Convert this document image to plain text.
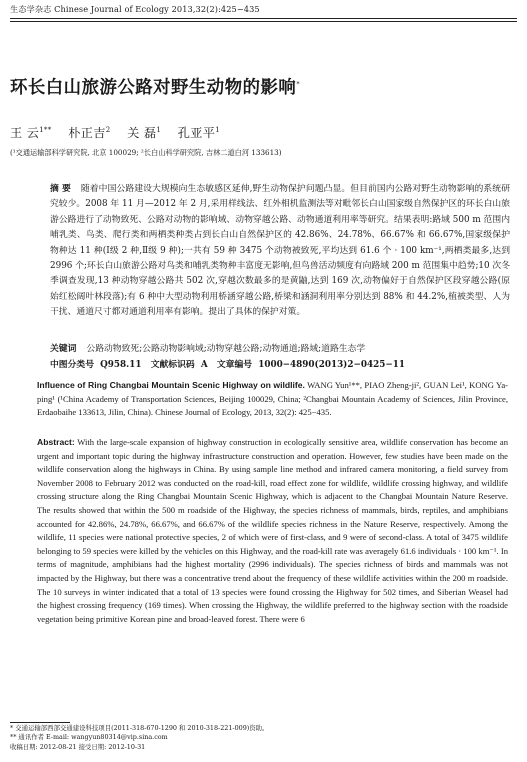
生态学杂志 Chinese Journal of Ecology 2013,32(2):425−435
环长白山旅游公路对野生动物的影响*
王 云$^{1**}$ 朴正吉$^2$ 关 磊$^1$ 孔亚平$^1$
(¹交通运输部科学研究院, 北京 100029; ²长白山科学研究院, 吉林二道白河 133613)
摘 要 随着中国公路建设大规模向生态敏感区延伸,野生动物保护问题凸显。但目前国内公路对野生动物影响的系统研究较少。2008 年 11 月—2012 年 2 月,采用样线法、红外相机监测法等对毗邻长白山国家级自然保护区的环长白山旅游公路进行了动物致死、公路对动物的影响域、动物穿越公路、动物通道利用率等研究。结果表明:路域 500 m 范围内哺乳类、鸟类、爬行类和两栖类种类占到长白山自然保护区的 42.86%、24.78%、66.67% 和 66.67%,国家级保护物种达 11 种(Ⅰ级 2 种,Ⅱ级 9 种);一共有 59 种 3475 个动物被致死,平均达到 61.6 个 · 100 km⁻¹,两栖类最多,达到 2996 个;环长白山旅游公路对鸟类和哺乳类物种丰富度无影响,但鸟兽活动频度有向路域 200 m 范围集中趋势;10 次冬季调查发现,13 种动物穿越公路共 502 次,穿越次数最多的是黄鼬,达到 169 次,动物偏好于自然保护区段穿越公路(原始红松阔叶林段落);有 6 种中大型动物利用桥涵穿越公路,桥梁和涵洞利用率分别达到 88% 和 44.2%,植被类型、人为干扰、通道尺寸都对通道利用率有影响。提出了具体的保护对策。
关键词 公路动物致死;公路动物影响域;动物穿越公路;动物通道;路域;道路生态学
中图分类号 Q958.11 文献标识码 A 文章编号 1000−4890(2013)2−0425−11
Influence of Ring Changbai Mountain Scenic Highway on wildlife. WANG Yun¹**, PIAO Zheng-ji², GUAN Lei¹, KONG Ya-ping¹ (¹China Academy of Transportation Sciences, Beijing 100029, China; ²Changbai Mountain Academy of Sciences, Jilin Province, Erdaobaihe 133613, Jilin, China). Chinese Journal of Ecology, 2013, 32(2): 425−435.
Abstract: With the large-scale expansion of highway construction in ecologically sensitive area, wildlife conservation has become an urgent and important topic during the highway infrastructure construction and operation. However, few studies have been made on the wildlife conservation along the highways in China. By using sample line method and infrared camera monitoring, a field survey from November 2008 to February 2012 was conducted on the road-kill, road effect zone for wildlife, wildlife crossing highway, and wildlife crossing structure along the Ring Changbai Mountain Scenic Highway, which is adjacent to the Changbai Mountain Nature Reserve. The results showed that within the 500 m roadside of the Highway, the species richness of mammals, birds, reptiles, and amphibians accounted for 42.86%, 24.78%, 66.67%, and 66.67% of the wildlife species richness in the Nature Reserve, respectively. Among the wildlife, 11 species were national protective species, 2 of which were of first-class, and 9 were of second-class. A total of 3475 wildlife belonging to 59 species were killed by the vehicles on this Highway, and the road-kill rate was averagely 61.6 individuals · 100 km⁻¹. In terms of magnitude, amphibians had the highest mortality (2996 individuals). The species richness of birds and mammals was not impacted by the Highway, but there was a concentrative trend about the frequency of these wildlife activities within the 200 m roadside. The 10 surveys in winter indicated that a total of 13 species were found crossing the Highway for 502 times, and Siberian Weasel had the highest crossing frequency (169 times). When crossing the Highway, the wildlife preferred to the highway section with the roadside vegetation being primitive Korean pine and broad-leaved forest. There were 6
* 交通运输部西部交通建设科技项目(2011-318-670-1290 和 2010-318-221-009)资助。
** 通讯作者 E-mail: wangyun80314@vip.sina.com
收稿日期: 2012-08-21 接受日期: 2012-10-31
